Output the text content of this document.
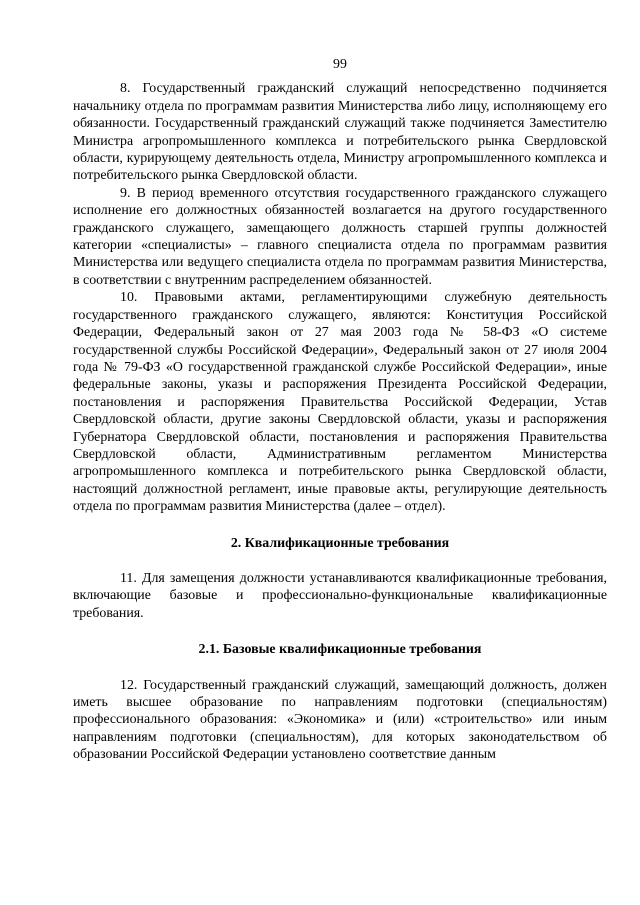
99

8. Государственный гражданский служащий непосредственно подчиняется начальнику отдела по программам развития Министерства либо лицу, исполняющему его обязанности. Государственный гражданский служащий также подчиняется Заместителю Министра агропромышленного комплекса и потребительского рынка Свердловской области, курирующему деятельность отдела, Министру агропромышленного комплекса и потребительского рынка Свердловской области.

9. В период временного отсутствия государственного гражданского служащего исполнение его должностных обязанностей возлагается на другого государственного гражданского служащего, замещающего должность старшей группы должностей категории «специалисты» – главного специалиста отдела по программам развития Министерства или ведущего специалиста отдела по программам развития Министерства, в соответствии с внутренним распределением обязанностей.

10. Правовыми актами, регламентирующими служебную деятельность государственного гражданского служащего, являются: Конституция Российской Федерации, Федеральный закон от 27 мая 2003 года № 58-ФЗ «О системе государственной службы Российской Федерации», Федеральный закон от 27 июля 2004 года № 79-ФЗ «О государственной гражданской службе Российской Федерации», иные федеральные законы, указы и распоряжения Президента Российской Федерации, постановления и распоряжения Правительства Российской Федерации, Устав Свердловской области, другие законы Свердловской области, указы и распоряжения Губернатора Свердловской области, постановления и распоряжения Правительства Свердловской области, Административным регламентом Министерства агропромышленного комплекса и потребительского рынка Свердловской области, настоящий должностной регламент, иные правовые акты, регулирующие деятельность отдела по программам развития Министерства (далее – отдел).

2. Квалификационные требования

11. Для замещения должности устанавливаются квалификационные требования, включающие базовые и профессионально-функциональные квалификационные требования.

2.1. Базовые квалификационные требования

12. Государственный гражданский служащий, замещающий должность, должен иметь высшее образование по направлениям подготовки (специальностям) профессионального образования: «Экономика» и (или) «строительство» или иным направлениям подготовки (специальностям), для которых законодательством об образовании Российской Федерации установлено соответствие данным
